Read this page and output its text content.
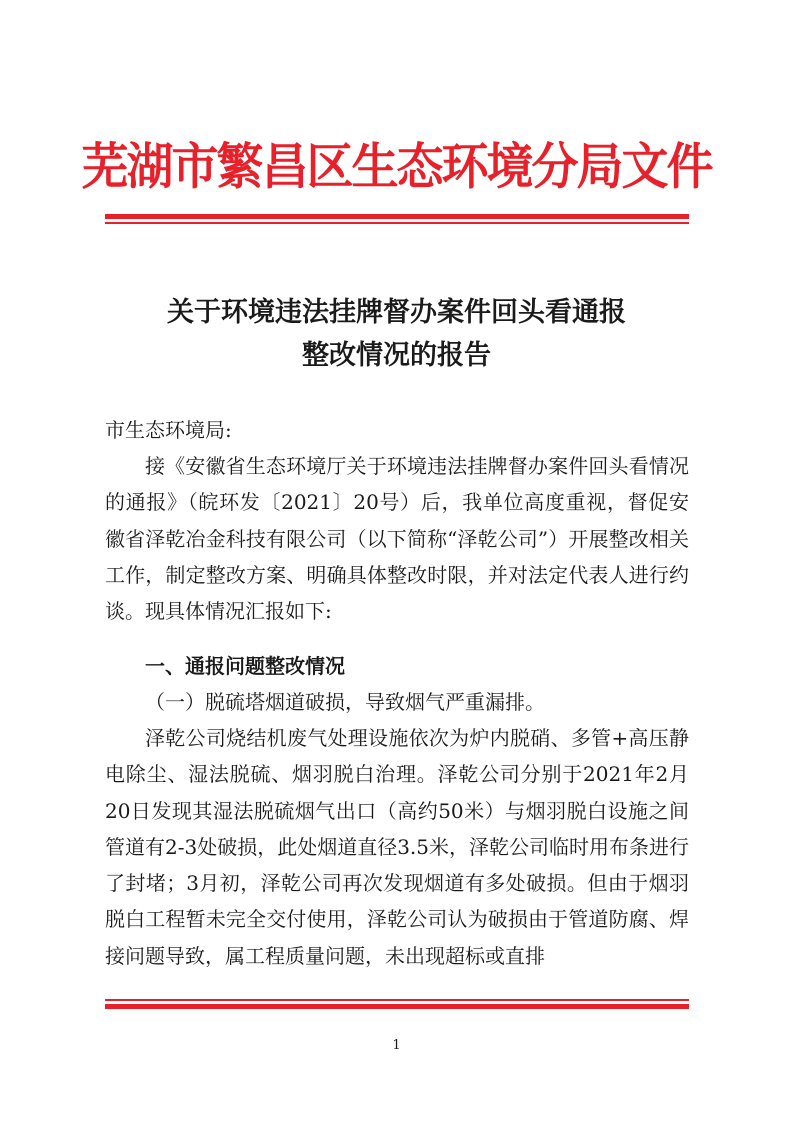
芜湖市繁昌区生态环境分局文件
关于环境违法挂牌督办案件回头看通报
整改情况的报告
市生态环境局:

接《安徽省生态环境厅关于环境违法挂牌督办案件回头看情况的通报》（皖环发〔2021〕20号）后，我单位高度重视，督促安徽省泽乾冶金科技有限公司（以下简称“泽乾公司”）开展整改相关工作，制定整改方案、明确具体整改时限，并对法定代表人进行约谈。现具体情况汇报如下:

一、通报问题整改情况
（一）脱硫塔烟道破损，导致烟气严重漏排。

泽乾公司烧结机废气处理设施依次为炉内脱硝、多管+高压静电除尘、湿法脱硫、烟羽脱白治理。泽乾公司分别于2021年2月20日发现其湿法脱硫烟气出口（高约50米）与烟羽脱白设施之间管道有2-3处破损，此处烟道直径3.5米，泽乾公司临时用布条进行了封堵；3月初，泽乾公司再次发现烟道有多处破损。但由于烟羽脱白工程暂未完全交付使用，泽乾公司认为破损由于管道防腐、焊接问题导致，属工程质量问题，未出现超标或直排

1
